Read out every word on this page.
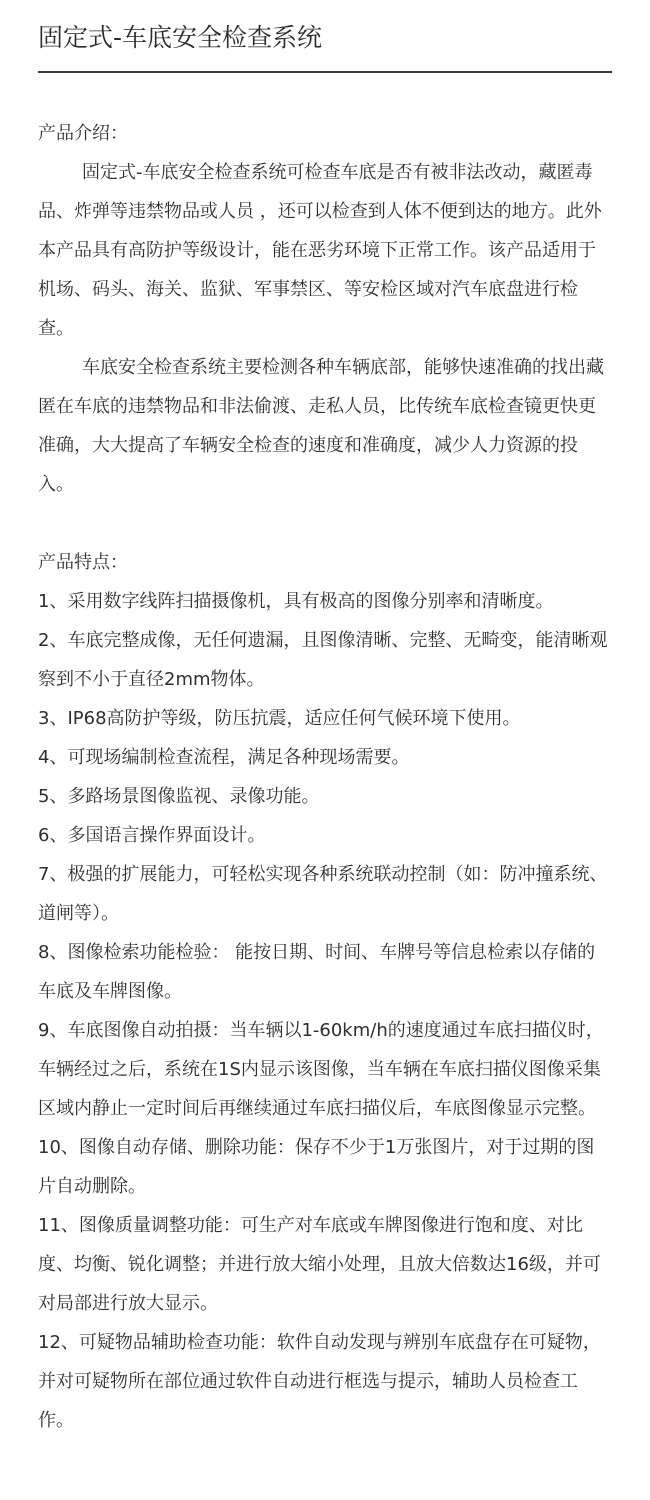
固定式-车底安全检查系统

产品介绍：

固定式-车底安全检查系统可检查车底是否有被非法改动，藏匿毒品、炸弹等违禁物品或人员 ，还可以检查到人体不便到达的地方。此外本产品具有高防护等级设计，能在恶劣环境下正常工作。该产品适用于机场、码头、海关、监狱、军事禁区、等安检区域对汽车底盘进行检查。

车底安全检查系统主要检测各种车辆底部，能够快速准确的找出藏匿在车底的违禁物品和非法偷渡、走私人员，比传统车底检查镜更快更准确，大大提高了车辆安全检查的速度和准确度，减少人力资源的投入。

产品特点：

1、采用数字线阵扫描摄像机，具有极高的图像分别率和清晰度。

2、车底完整成像，无任何遗漏，且图像清晰、完整、无畸变，能清晰观察到不小于直径2mm物体。

3、IP68高防护等级，防压抗震，适应任何气候环境下使用。

4、可现场编制检查流程，满足各种现场需要。

5、多路场景图像监视、录像功能。

6、多国语言操作界面设计。

7、极强的扩展能力，可轻松实现各种系统联动控制（如：防冲撞系统、道闸等）。

8、图像检索功能检验： 能按日期、时间、车牌号等信息检索以存储的车底及车牌图像。

9、车底图像自动拍摄：当车辆以1-60km/h的速度通过车底扫描仪时，车辆经过之后，系统在1S内显示该图像，当车辆在车底扫描仪图像采集区域内静止一定时间后再继续通过车底扫描仪后，车底图像显示完整。

10、图像自动存储、删除功能：保存不少于1万张图片，对于过期的图片自动删除。

11、图像质量调整功能：可生产对车底或车牌图像进行饱和度、对比度、均衡、锐化调整；并进行放大缩小处理，且放大倍数达16级，并可对局部进行放大显示。

12、可疑物品辅助检查功能：软件自动发现与辨别车底盘存在可疑物，并对可疑物所在部位通过软件自动进行框选与提示，辅助人员检查工作。
